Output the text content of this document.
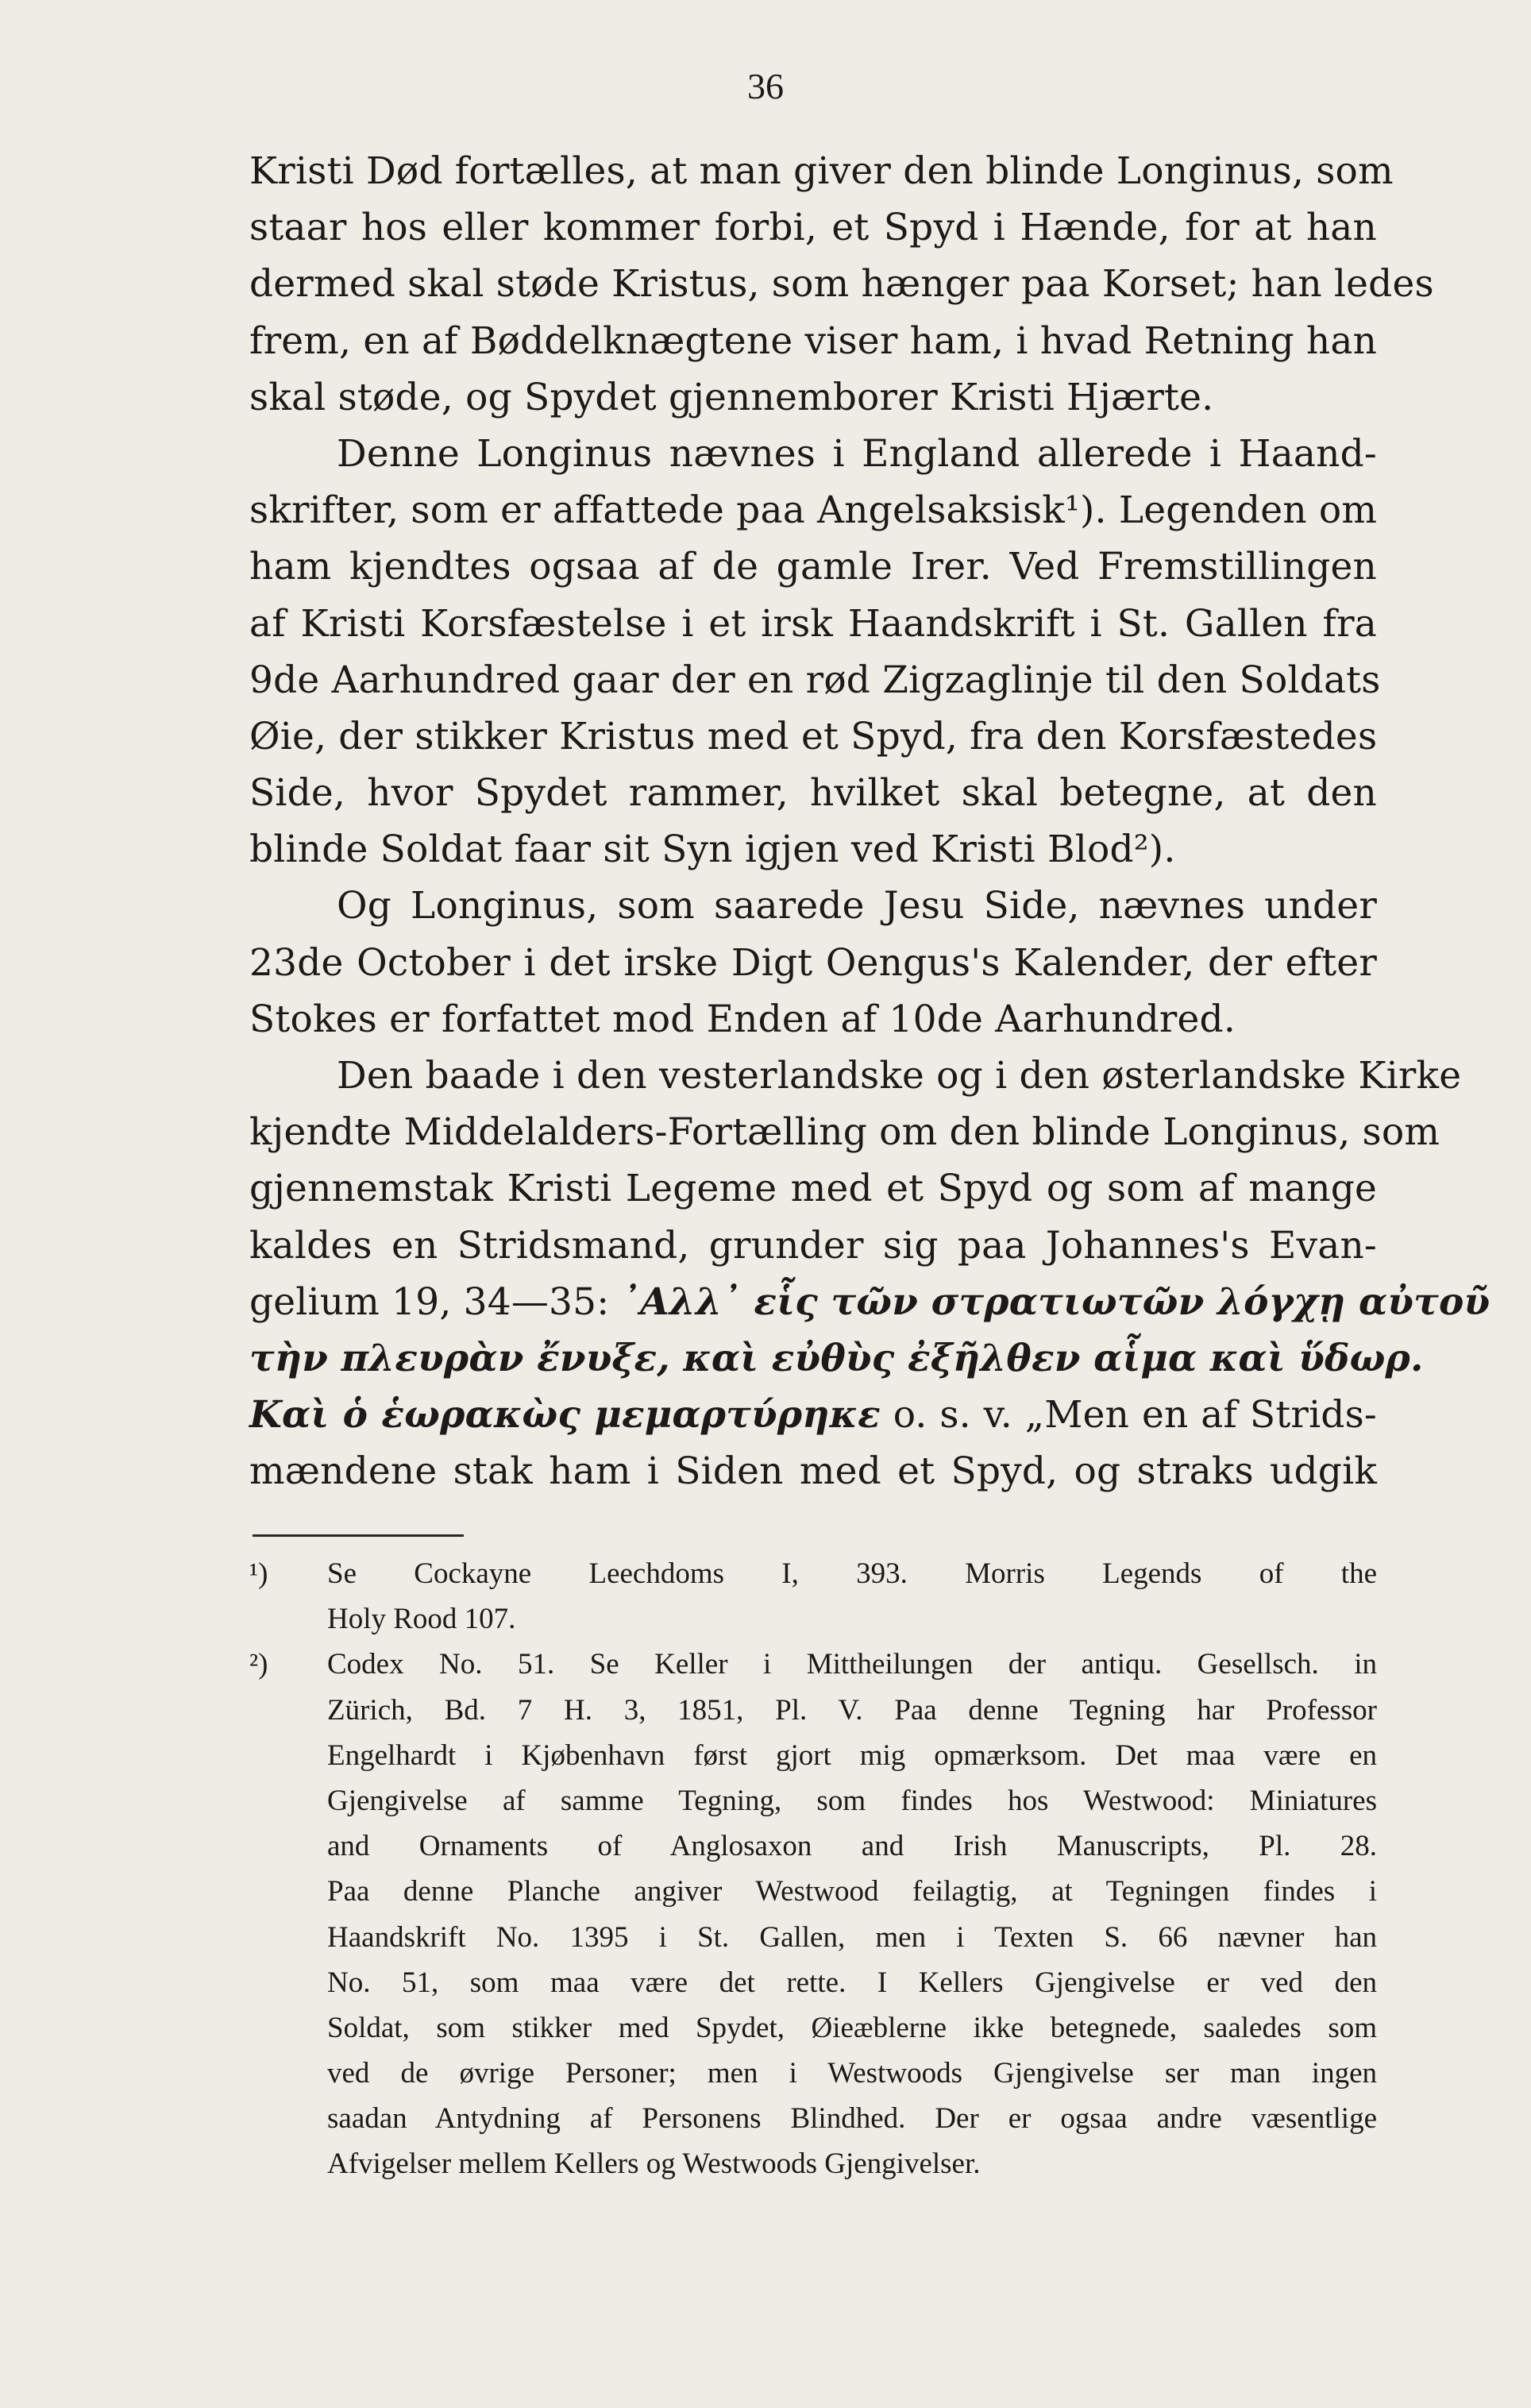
36
Kristi Død fortælles, at man giver den blinde Longinus, som
staar hos eller kommer forbi, et Spyd i Hænde, for at han
dermed skal støde Kristus, som hænger paa Korset; han ledes
frem, en af Bøddelknægtene viser ham, i hvad Retning han
skal støde, og Spydet gjennemborer Kristi Hjærte.
Denne Longinus nævnes i England allerede i Haand-
skrifter, som er affattede paa Angelsaksisk¹). Legenden om
ham kjendtes ogsaa af de gamle Irer. Ved Fremstillingen
af Kristi Korsfæstelse i et irsk Haandskrift i St. Gallen fra
9de Aarhundred gaar der en rød Zigzaglinje til den Soldats
Øie, der stikker Kristus med et Spyd, fra den Korsfæstedes
Side, hvor Spydet rammer, hvilket skal betegne, at den
blinde Soldat faar sit Syn igjen ved Kristi Blod²).
Og Longinus, som saarede Jesu Side, nævnes under
23de October i det irske Digt Oengus's Kalender, der efter
Stokes er forfattet mod Enden af 10de Aarhundred.
Den baade i den vesterlandske og i den østerlandske Kirke
kjendte Middelalders-Fortælling om den blinde Longinus, som
gjennemstak Kristi Legeme med et Spyd og som af mange
kaldes en Stridsmand, grunder sig paa Johannes's Evan-
gelium 19, 34—35: ᾿Αλλ᾿ εἷς τῶν στρατιωτῶν λόγχῃ αὐτοῦ
τὴν πλευρὰν ἔνυξε, καὶ εὐθὺς ἐξῆλθεν αἷμα καὶ ὕδωρ.
Καὶ ὁ ἑωρακὼς μεμαρτύρηκε o. s. v. „Men en af Strids-
mændene stak ham i Siden med et Spyd, og straks udgik
¹) Se Cockayne Leechdoms I, 393. Morris Legends of the
Holy Rood 107.
²) Codex No. 51. Se Keller i Mittheilungen der antiqu. Gesellsch. in
Zürich, Bd. 7 H. 3, 1851, Pl. V. Paa denne Tegning har Professor
Engelhardt i Kjøbenhavn først gjort mig opmærksom. Det maa være en
Gjengivelse af samme Tegning, som findes hos Westwood: Miniatures
and Ornaments of Anglosaxon and Irish Manuscripts, Pl. 28.
Paa denne Planche angiver Westwood feilagtig, at Tegningen findes i
Haandskrift No. 1395 i St. Gallen, men i Texten S. 66 nævner han
No. 51, som maa være det rette. I Kellers Gjengivelse er ved den
Soldat, som stikker med Spydet, Øieæblerne ikke betegnede, saaledes som
ved de øvrige Personer; men i Westwoods Gjengivelse ser man ingen
saadan Antydning af Personens Blindhed. Der er ogsaa andre væsentlige
Afvigelser mellem Kellers og Westwoods Gjengivelser.
